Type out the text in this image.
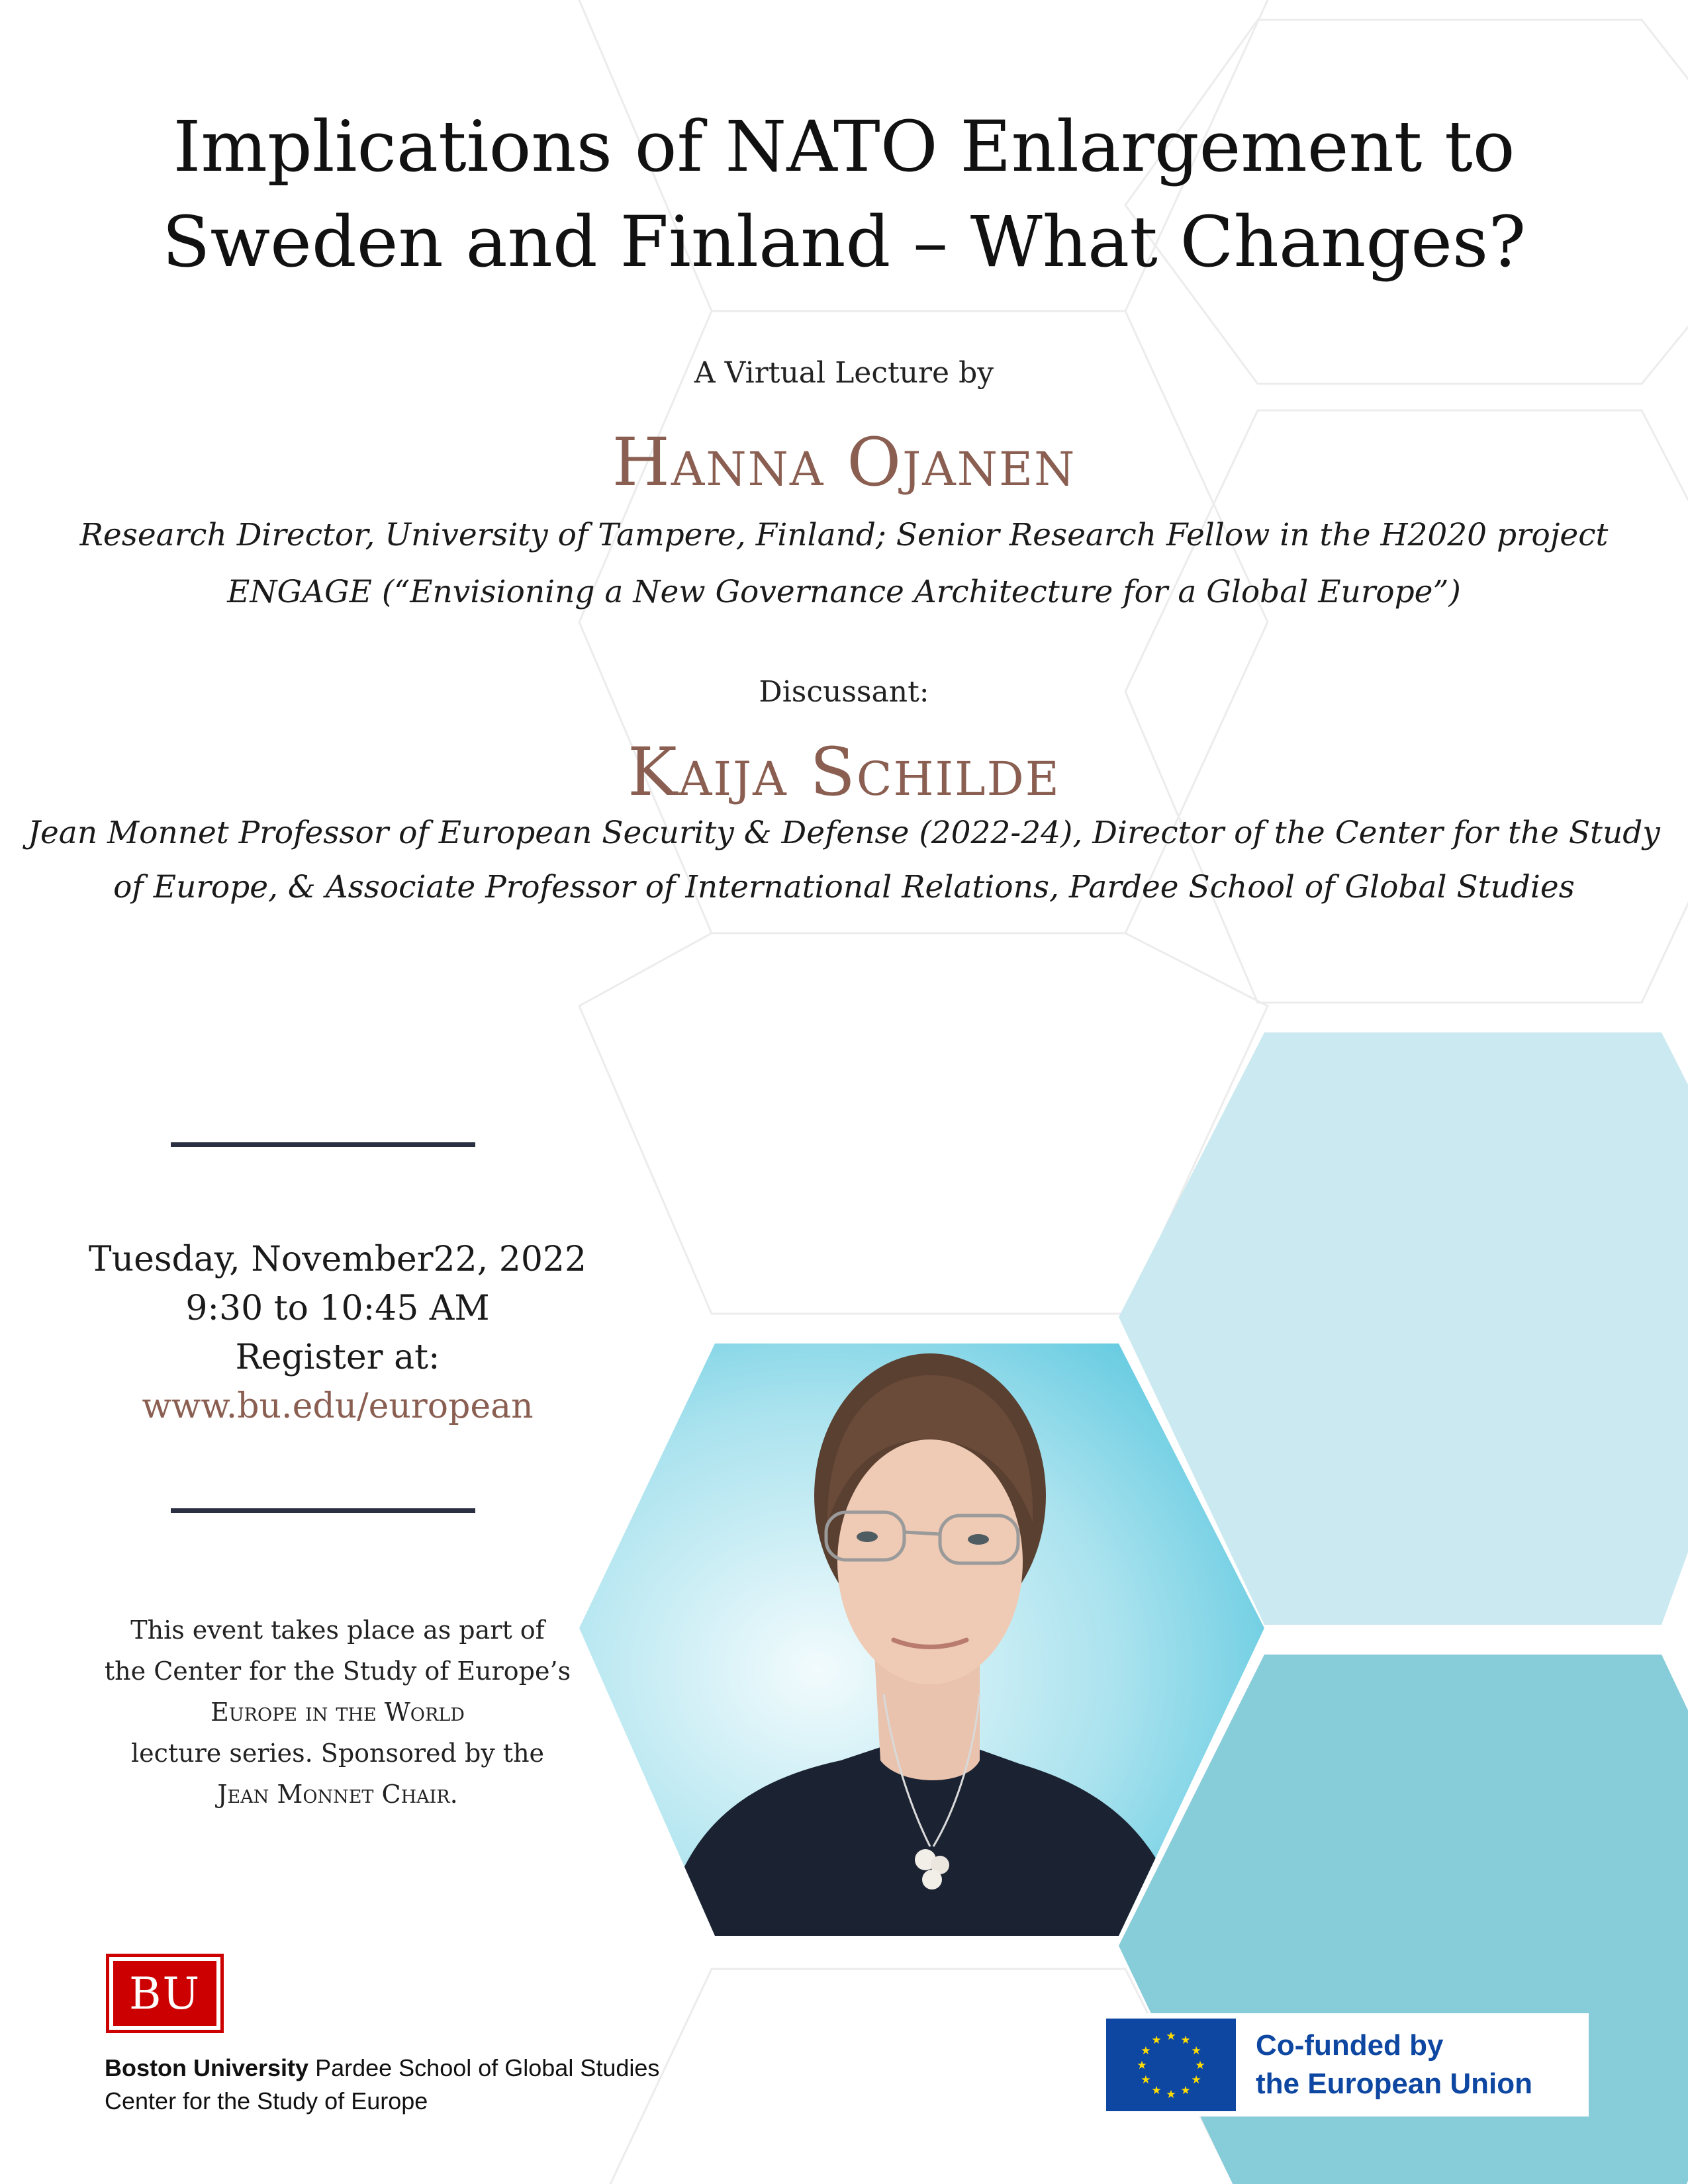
Implications of NATO Enlargement to
Sweden and Finland – What Changes?
A Virtual Lecture by
Hanna Ojanen
Research Director, University of Tampere, Finland; Senior Research Fellow in the H2020 project
ENGAGE (“Envisioning a New Governance Architecture for a Global Europe”)
Discussant:
Kaija Schilde
Jean Monnet Professor of European Security & Defense (2022-24), Director of the Center for the Study
of Europe, & Associate Professor of International Relations, Pardee School of Global Studies
Tuesday, November22, 2022
9:30 to 10:45 AM
Register at:
www.bu.edu/european
This event takes place as part of
the Center for the Study of Europe’s
Europe in the World
lecture series. Sponsored by the
Jean Monnet Chair.
BU
Boston University Pardee School of Global Studies
Center for the Study of Europe
★ ★
★
★
★
★
★
★
★
★
★
★	Co-funded by
the European Union
